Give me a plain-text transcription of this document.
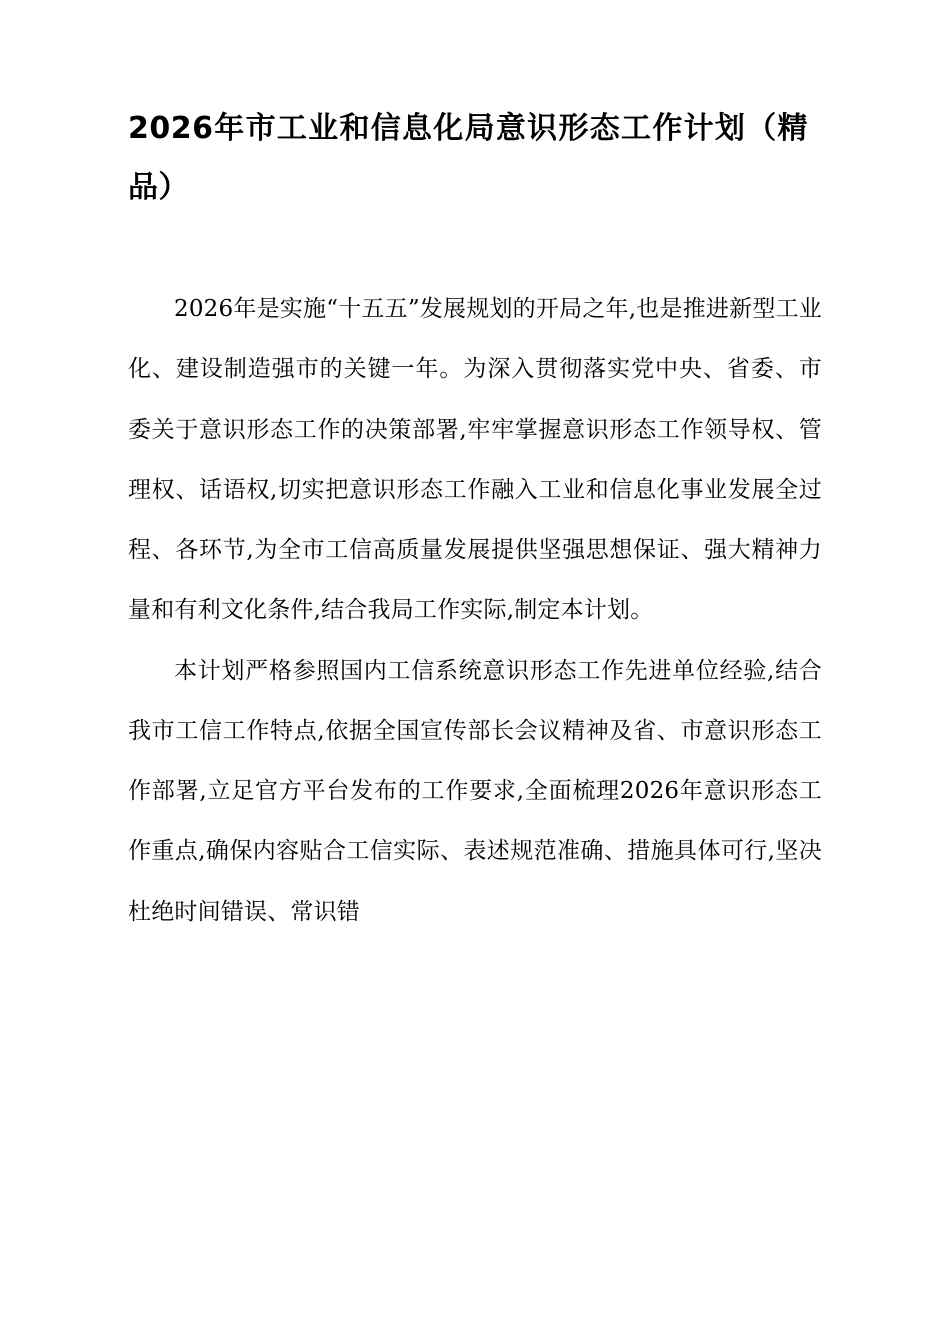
2026年市工业和信息化局意识形态工作计划（精品）

2026年是实施“十五五”发展规划的开局之年,也是推进新型工业化、建设制造强市的关键一年。为深入贯彻落实党中央、省委、市委关于意识形态工作的决策部署,牢牢掌握意识形态工作领导权、管理权、话语权,切实把意识形态工作融入工业和信息化事业发展全过程、各环节,为全市工信高质量发展提供坚强思想保证、强大精神力量和有利文化条件,结合我局工作实际,制定本计划。

本计划严格参照国内工信系统意识形态工作先进单位经验,结合我市工信工作特点,依据全国宣传部长会议精神及省、市意识形态工作部署,立足官方平台发布的工作要求,全面梳理2026年意识形态工作重点,确保内容贴合工信实际、表述规范准确、措施具体可行,坚决杜绝时间错误、常识错
